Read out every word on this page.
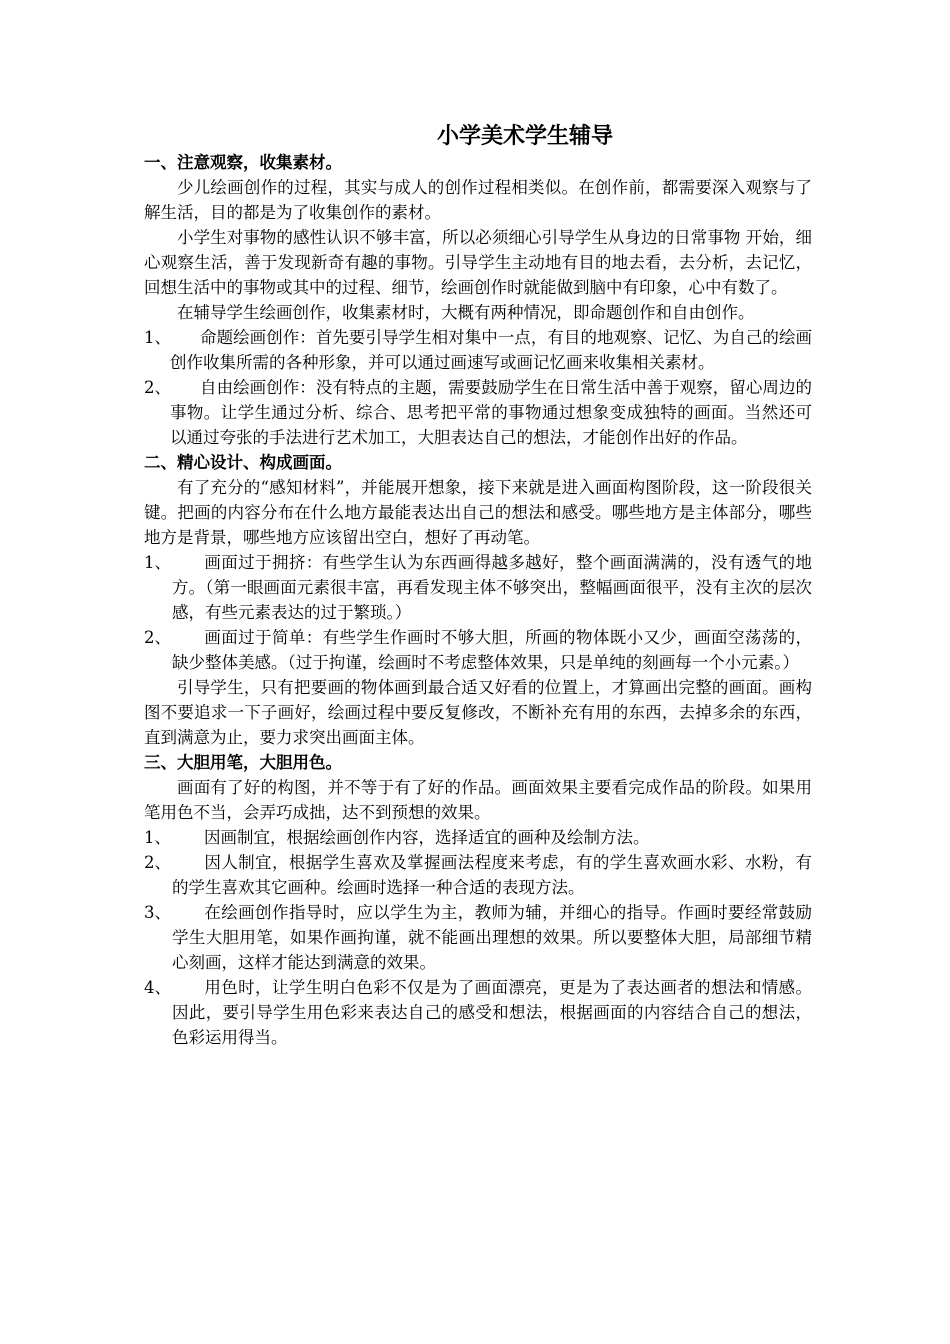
小学美术学生辅导

一、注意观察，收集素材。

少儿绘画创作的过程，其实与成人的创作过程相类似。在创作前，都需要深入观察与了解生活，目的都是为了收集创作的素材。

小学生对事物的感性认识不够丰富，所以必须细心引导学生从身边的日常事物 开始，细心观察生活，善于发现新奇有趣的事物。引导学生主动地有目的地去看，去分析，去记忆，回想生活中的事物或其中的过程、细节，绘画创作时就能做到脑中有印象，心中有数了。

在辅导学生绘画创作，收集素材时，大概有两种情况，即命题创作和自由创作。

1、 命题绘画创作：首先要引导学生相对集中一点，有目的地观察、记忆、为自己的绘画创作收集所需的各种形象，并可以通过画速写或画记忆画来收集相关素材。

2、 自由绘画创作：没有特点的主题，需要鼓励学生在日常生活中善于观察，留心周边的事物。让学生通过分析、综合、思考把平常的事物通过想象变成独特的画面。当然还可以通过夸张的手法进行艺术加工，大胆表达自己的想法，才能创作出好的作品。

二、精心设计、构成画面。

有了充分的“感知材料”，并能展开想象，接下来就是进入画面构图阶段，这一阶段很关键。把画的内容分布在什么地方最能表达出自己的想法和感受。哪些地方是主体部分，哪些地方是背景，哪些地方应该留出空白，想好了再动笔。

1、 画面过于拥挤：有些学生认为东西画得越多越好，整个画面满满的，没有透气的地方。（第一眼画面元素很丰富，再看发现主体不够突出，整幅画面很平，没有主次的层次感，有些元素表达的过于繁琐。）

2、 画面过于简单：有些学生作画时不够大胆，所画的物体既小又少，画面空荡荡的，缺少整体美感。（过于拘谨，绘画时不考虑整体效果，只是单纯的刻画每一个小元素。）

引导学生，只有把要画的物体画到最合适又好看的位置上，才算画出完整的画面。画构图不要追求一下子画好，绘画过程中要反复修改，不断补充有用的东西，去掉多余的东西，直到满意为止，要力求突出画面主体。

三、大胆用笔，大胆用色。

画面有了好的构图，并不等于有了好的作品。画面效果主要看完成作品的阶段。如果用笔用色不当，会弄巧成拙，达不到预想的效果。

1、 因画制宜，根据绘画创作内容，选择适宜的画种及绘制方法。

2、 因人制宜，根据学生喜欢及掌握画法程度来考虑，有的学生喜欢画水彩、水粉，有的学生喜欢其它画种。绘画时选择一种合适的表现方法。

3、 在绘画创作指导时，应以学生为主，教师为辅，并细心的指导。作画时要经常鼓励学生大胆用笔，如果作画拘谨，就不能画出理想的效果。所以要整体大胆，局部细节精心刻画，这样才能达到满意的效果。

4、 用色时，让学生明白色彩不仅是为了画面漂亮，更是为了表达画者的想法和情感。因此，要引导学生用色彩来表达自己的感受和想法，根据画面的内容结合自己的想法，色彩运用得当。
